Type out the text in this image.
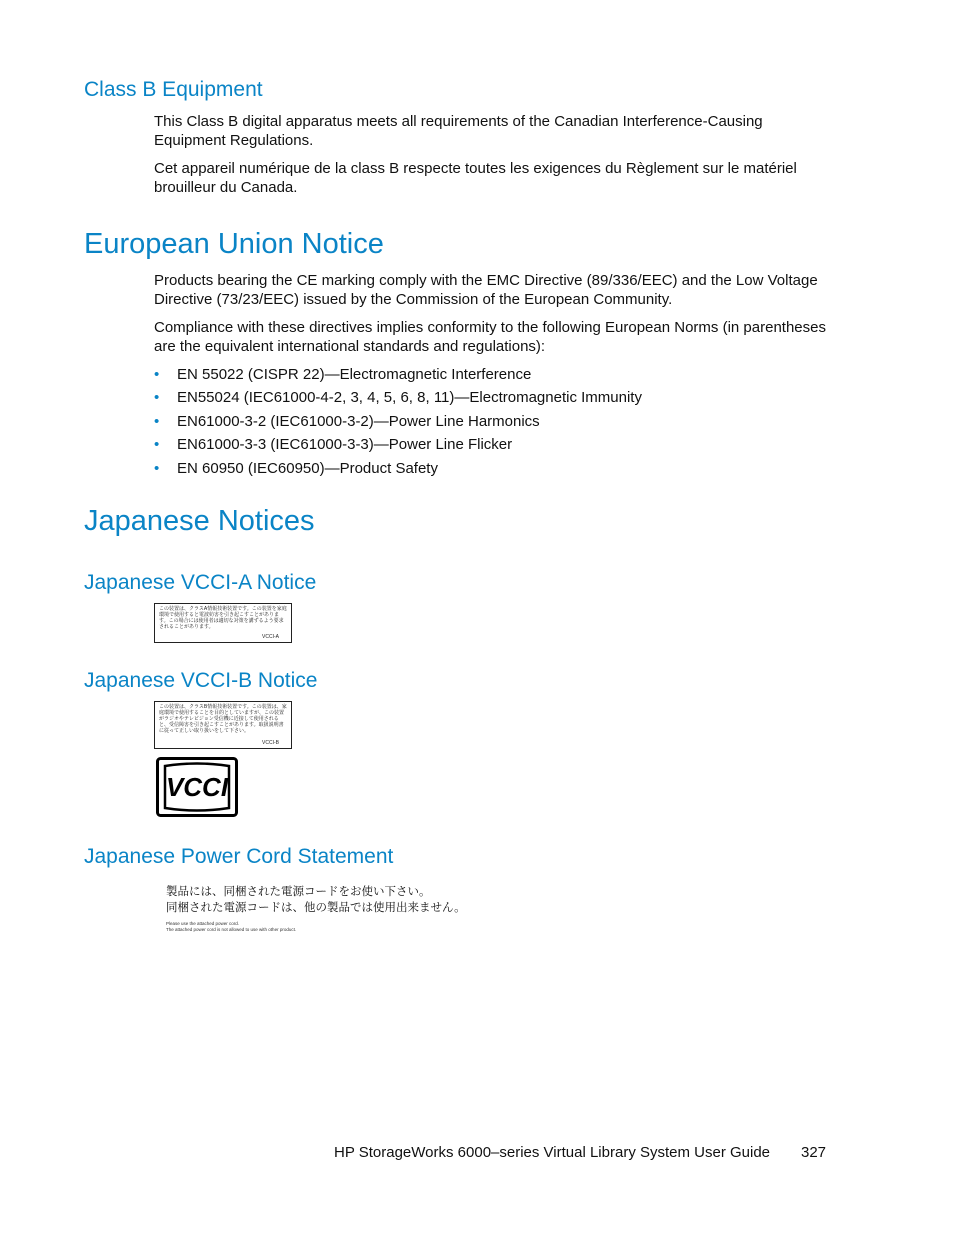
Class B Equipment
This Class B digital apparatus meets all requirements of the Canadian Interference-Causing Equipment Regulations.
Cet appareil numérique de la class B respecte toutes les exigences du Règlement sur le matériel brouilleur du Canada.
European Union Notice
Products bearing the CE marking comply with the EMC Directive (89/336/EEC) and the Low Voltage Directive (73/23/EEC) issued by the Commission of the European Community.
Compliance with these directives implies conformity to the following European Norms (in parentheses are the equivalent international standards and regulations):
• EN 55022 (CISPR 22)—Electromagnetic Interference
• EN55024 (IEC61000-4-2, 3, 4, 5, 6, 8, 11)—Electromagnetic Immunity
• EN61000-3-2 (IEC61000-3-2)—Power Line Harmonics
• EN61000-3-3 (IEC61000-3-3)—Power Line Flicker
• EN 60950 (IEC60950)—Product Safety
Japanese Notices
Japanese VCCI-A Notice
この装置は、クラスA情報技術装置です。この装置を家庭環境で使用すると電波妨害を引き起こすことがあります。この場合には使用者は適切な対策を講ずるよう要求されることがあります。
VCCI-A
Japanese VCCI-B Notice
この装置は、クラスB情報技術装置です。この装置は、家庭環境で使用することを目的としていますが、この装置がラジオやテレビジョン受信機に近接して使用されると、受信障害を引き起こすことがあります。取扱説明書に従って正しい取り扱いをして下さい。
VCCI-B
VCCI
Japanese Power Cord Statement
製品には、同梱された電源コードをお使い下さい。
同梱された電源コードは、他の製品では使用出来ません。
Please use the attached power cord.
The attached power cord is not allowed to use with other product.
HP StorageWorks 6000–series Virtual Library System User Guide 327
